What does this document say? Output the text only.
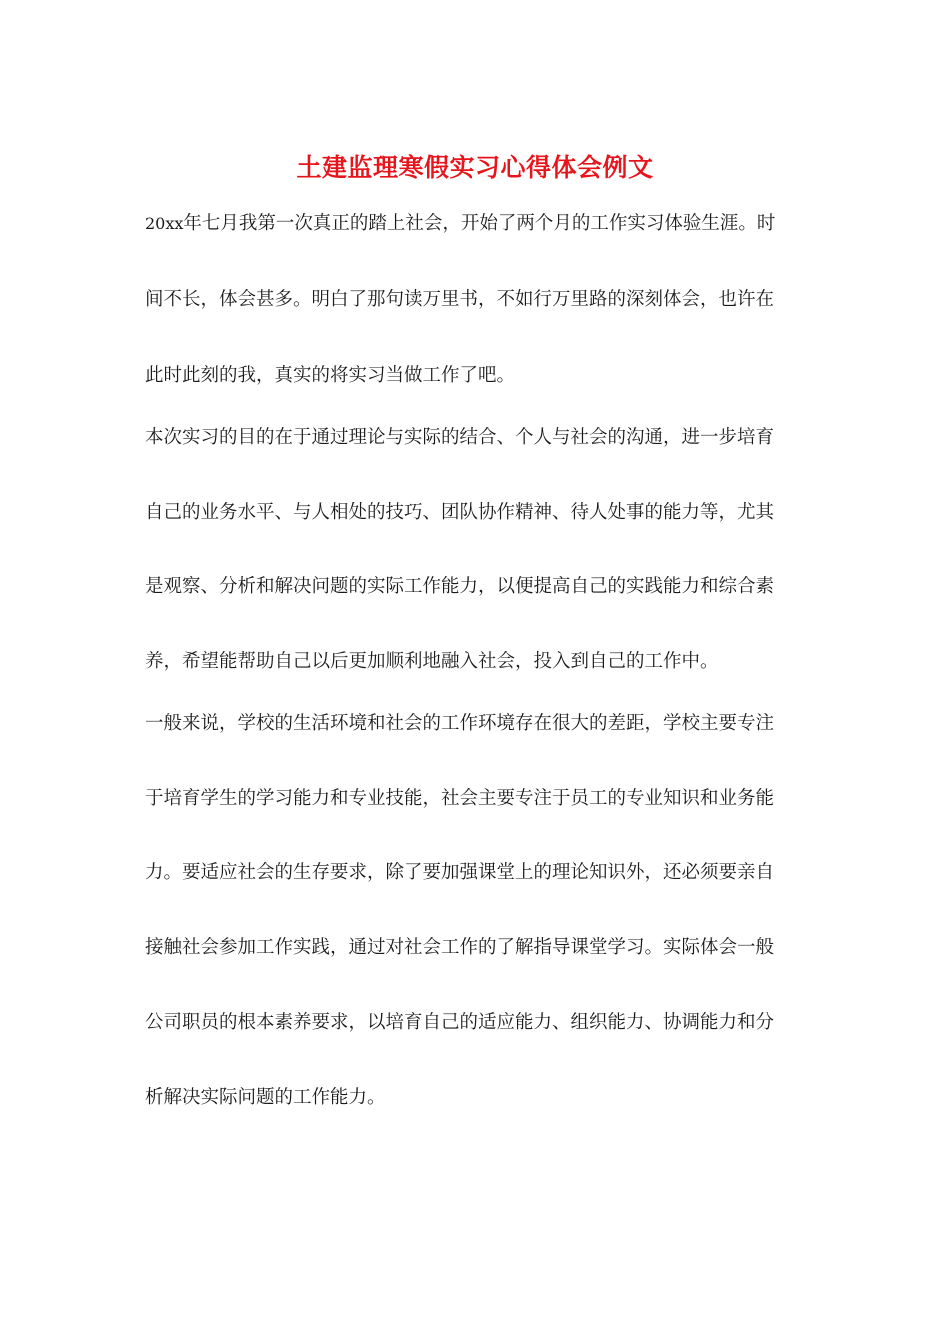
土建监理寒假实习心得体会例文
20xx年七月我第一次真正的踏上社会，开始了两个月的工作实习体验生涯。时
间不长，体会甚多。明白了那句读万里书，不如行万里路的深刻体会，也许在
此时此刻的我，真实的将实习当做工作了吧。
本次实习的目的在于通过理论与实际的结合、个人与社会的沟通，进一步培育
自己的业务水平、与人相处的技巧、团队协作精神、待人处事的能力等，尤其
是观察、分析和解决问题的实际工作能力，以便提高自己的实践能力和综合素
养，希望能帮助自己以后更加顺利地融入社会，投入到自己的工作中。
一般来说，学校的生活环境和社会的工作环境存在很大的差距，学校主要专注
于培育学生的学习能力和专业技能，社会主要专注于员工的专业知识和业务能
力。要适应社会的生存要求，除了要加强课堂上的理论知识外，还必须要亲自
接触社会参加工作实践，通过对社会工作的了解指导课堂学习。实际体会一般
公司职员的根本素养要求，以培育自己的适应能力、组织能力、协调能力和分
析解决实际问题的工作能力。
